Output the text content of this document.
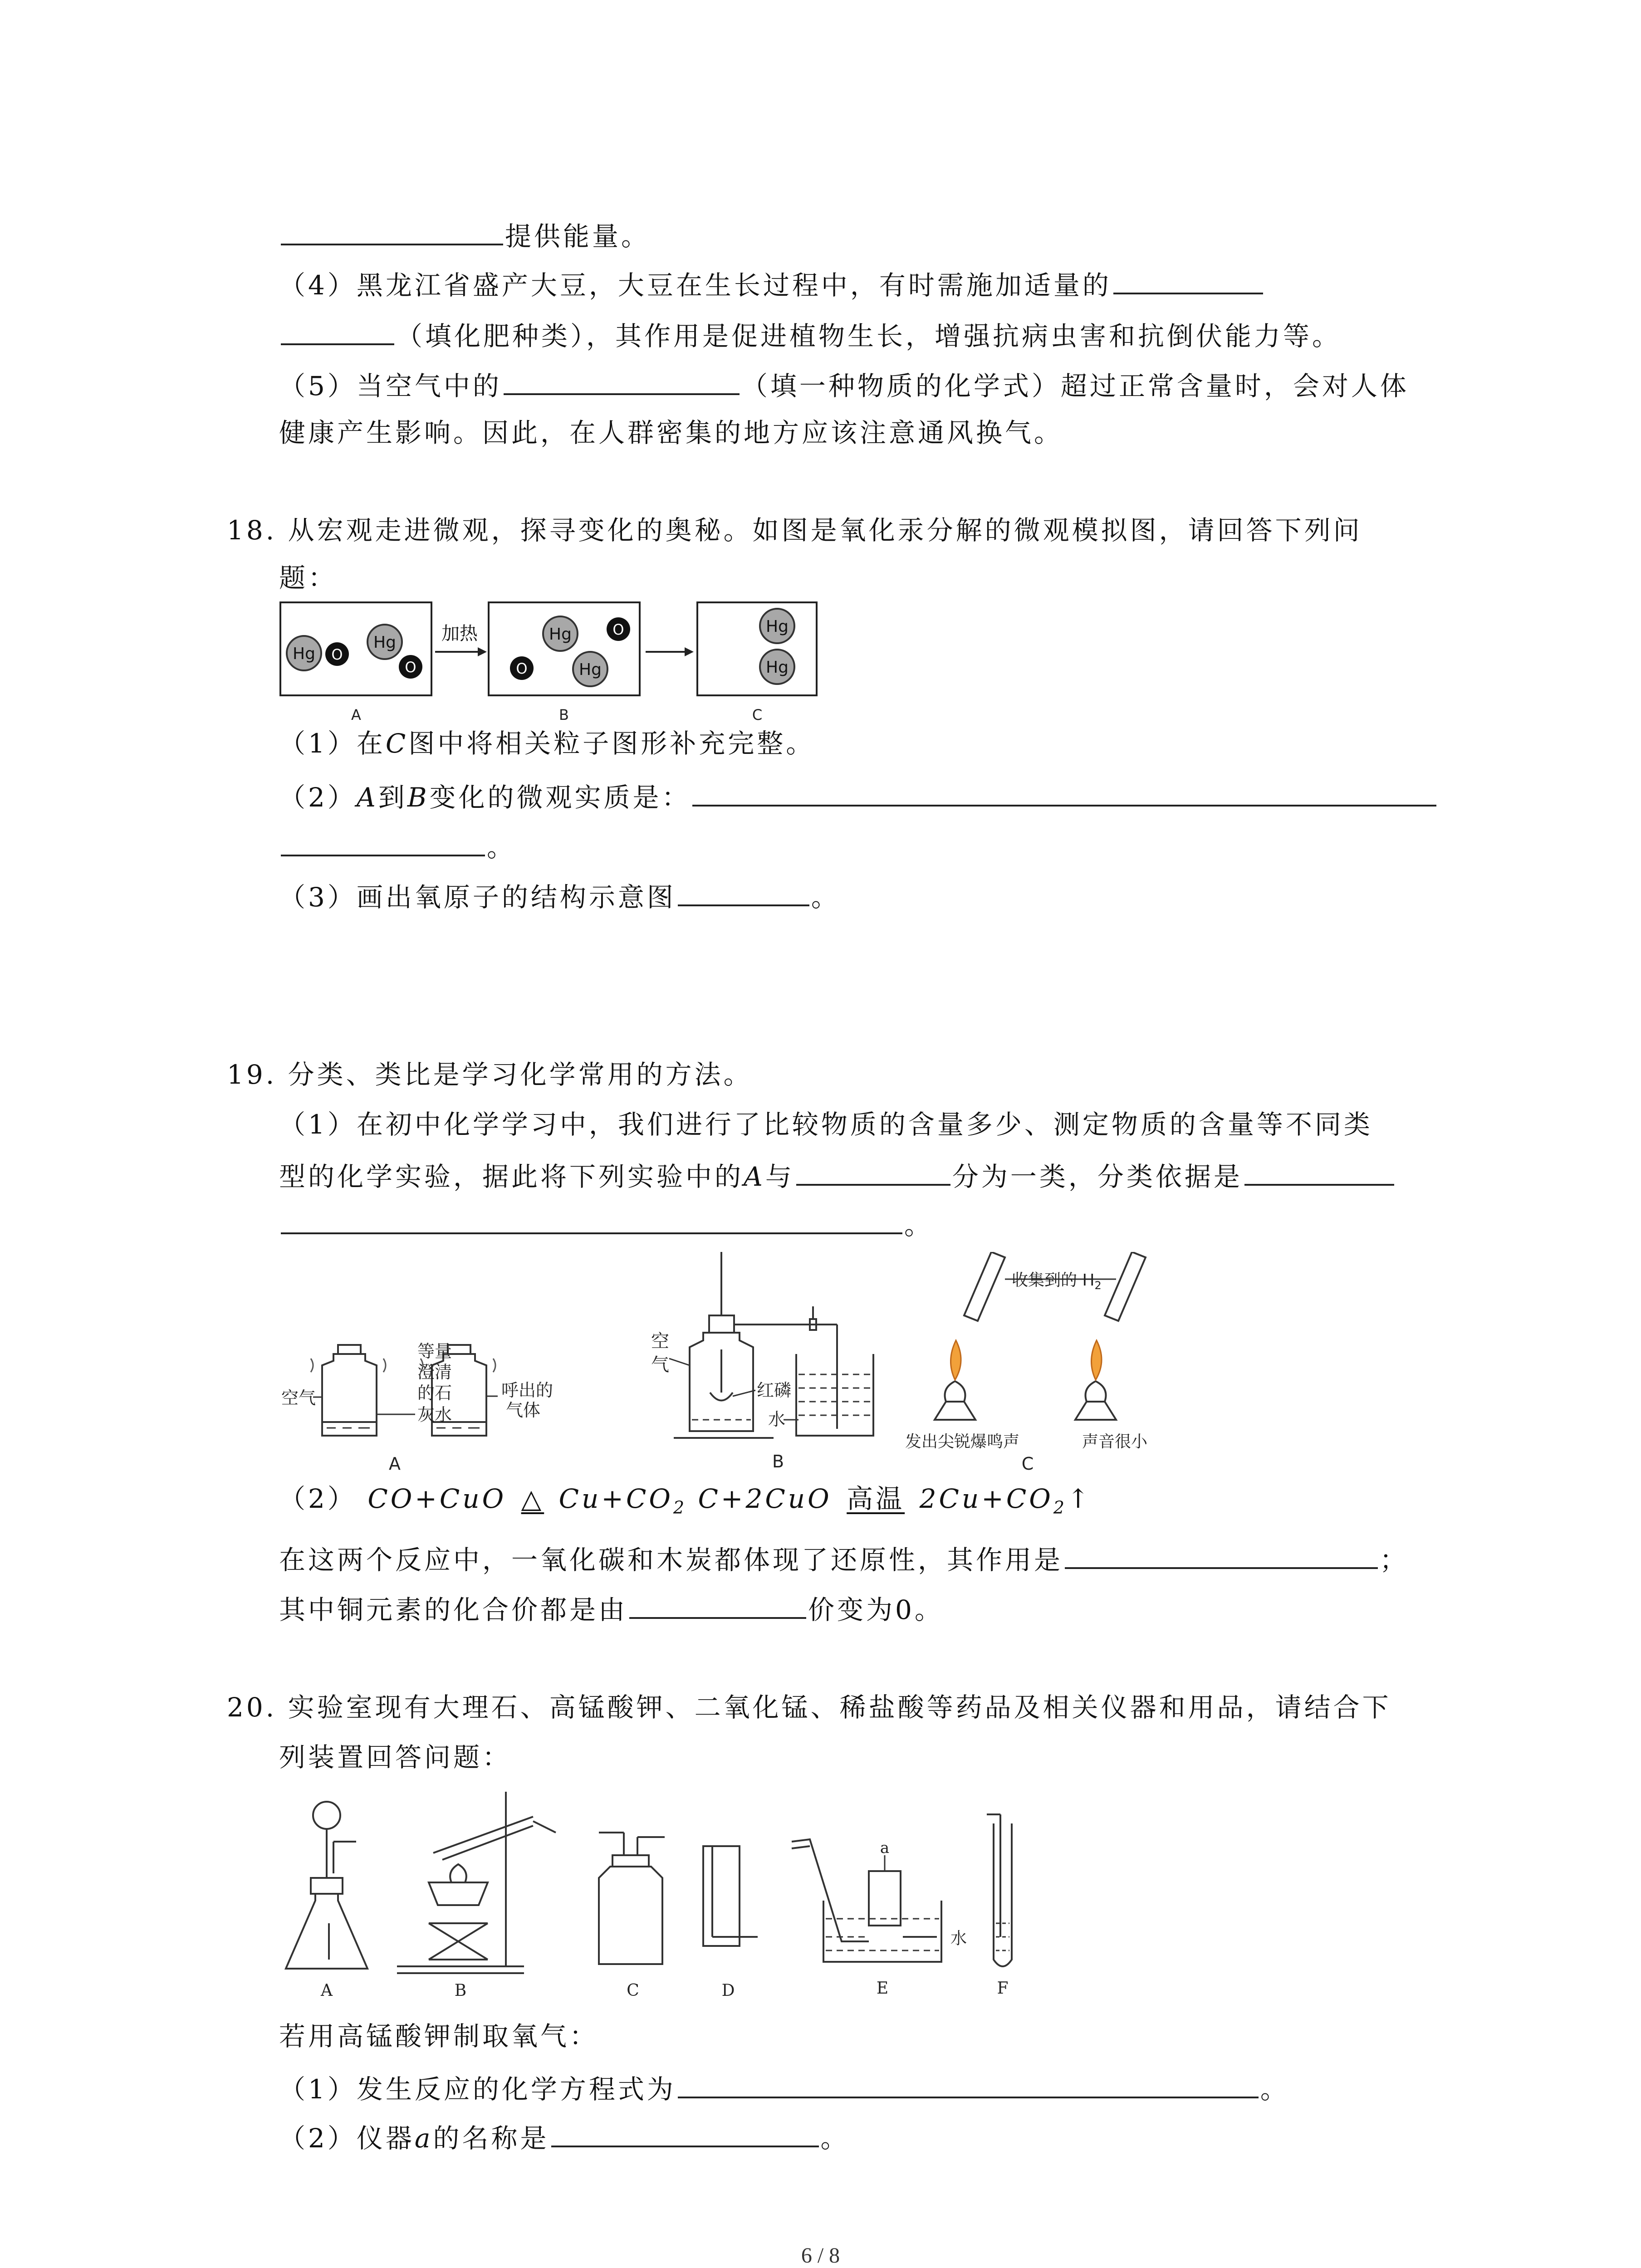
提供能量。
（4）黑龙江省盛产大豆，大豆在生长过程中，有时需施加适量的
（填化肥种类），其作用是促进植物生长，增强抗病虫害和抗倒伏能力等。
（5）当空气中的	（填一种物质的化学式）超过正常含量时，会对人体
健康产生影响。因此，在人群密集的地方应该注意通风换气。
18. 从宏观走进微观，探寻变化的奥秘。如图是氧化汞分解的微观模拟图，请回答下列问
题：
Hg O
Hg
O
加热	Hg	O
O	Hg
Hg
Hg
A	B	C
（1）在C图中将相关粒子图形补充完整。
（2）A到B变化的微观实质是：
。
（3）画出氧原子的结构示意图	。
19. 分类、类比是学习化学常用的方法。
（1）在初中化学学习中，我们进行了比较物质的含量多少、测定物质的含量等不同类
型的化学实验，据此将下列实验中的A与	分为一类，分类依据是
。
空气
等量
澄清
的石
灰水
呼出的
气体
A
空
气
红磷
水
B
收集到的 $H_2$
发出尖锐爆鸣声	声音很小
C
（2） CO+CuO △ $Cu+CO_2$ C+2CuO 高温 $2Cu+CO_2↑$
在这两个反应中，一氧化碳和木炭都体现了还原性，其作用是	；
其中铜元素的化合价都是由	价变为0。
20. 实验室现有大理石、高锰酸钾、二氧化锰、稀盐酸等药品及相关仪器和用品，请结合下
列装置回答问题：
A	B	C	D
a
水
E	F
若用高锰酸钾制取氧气：
（1）发生反应的化学方程式为	。
（2）仪器a的名称是	。
6 / 8
